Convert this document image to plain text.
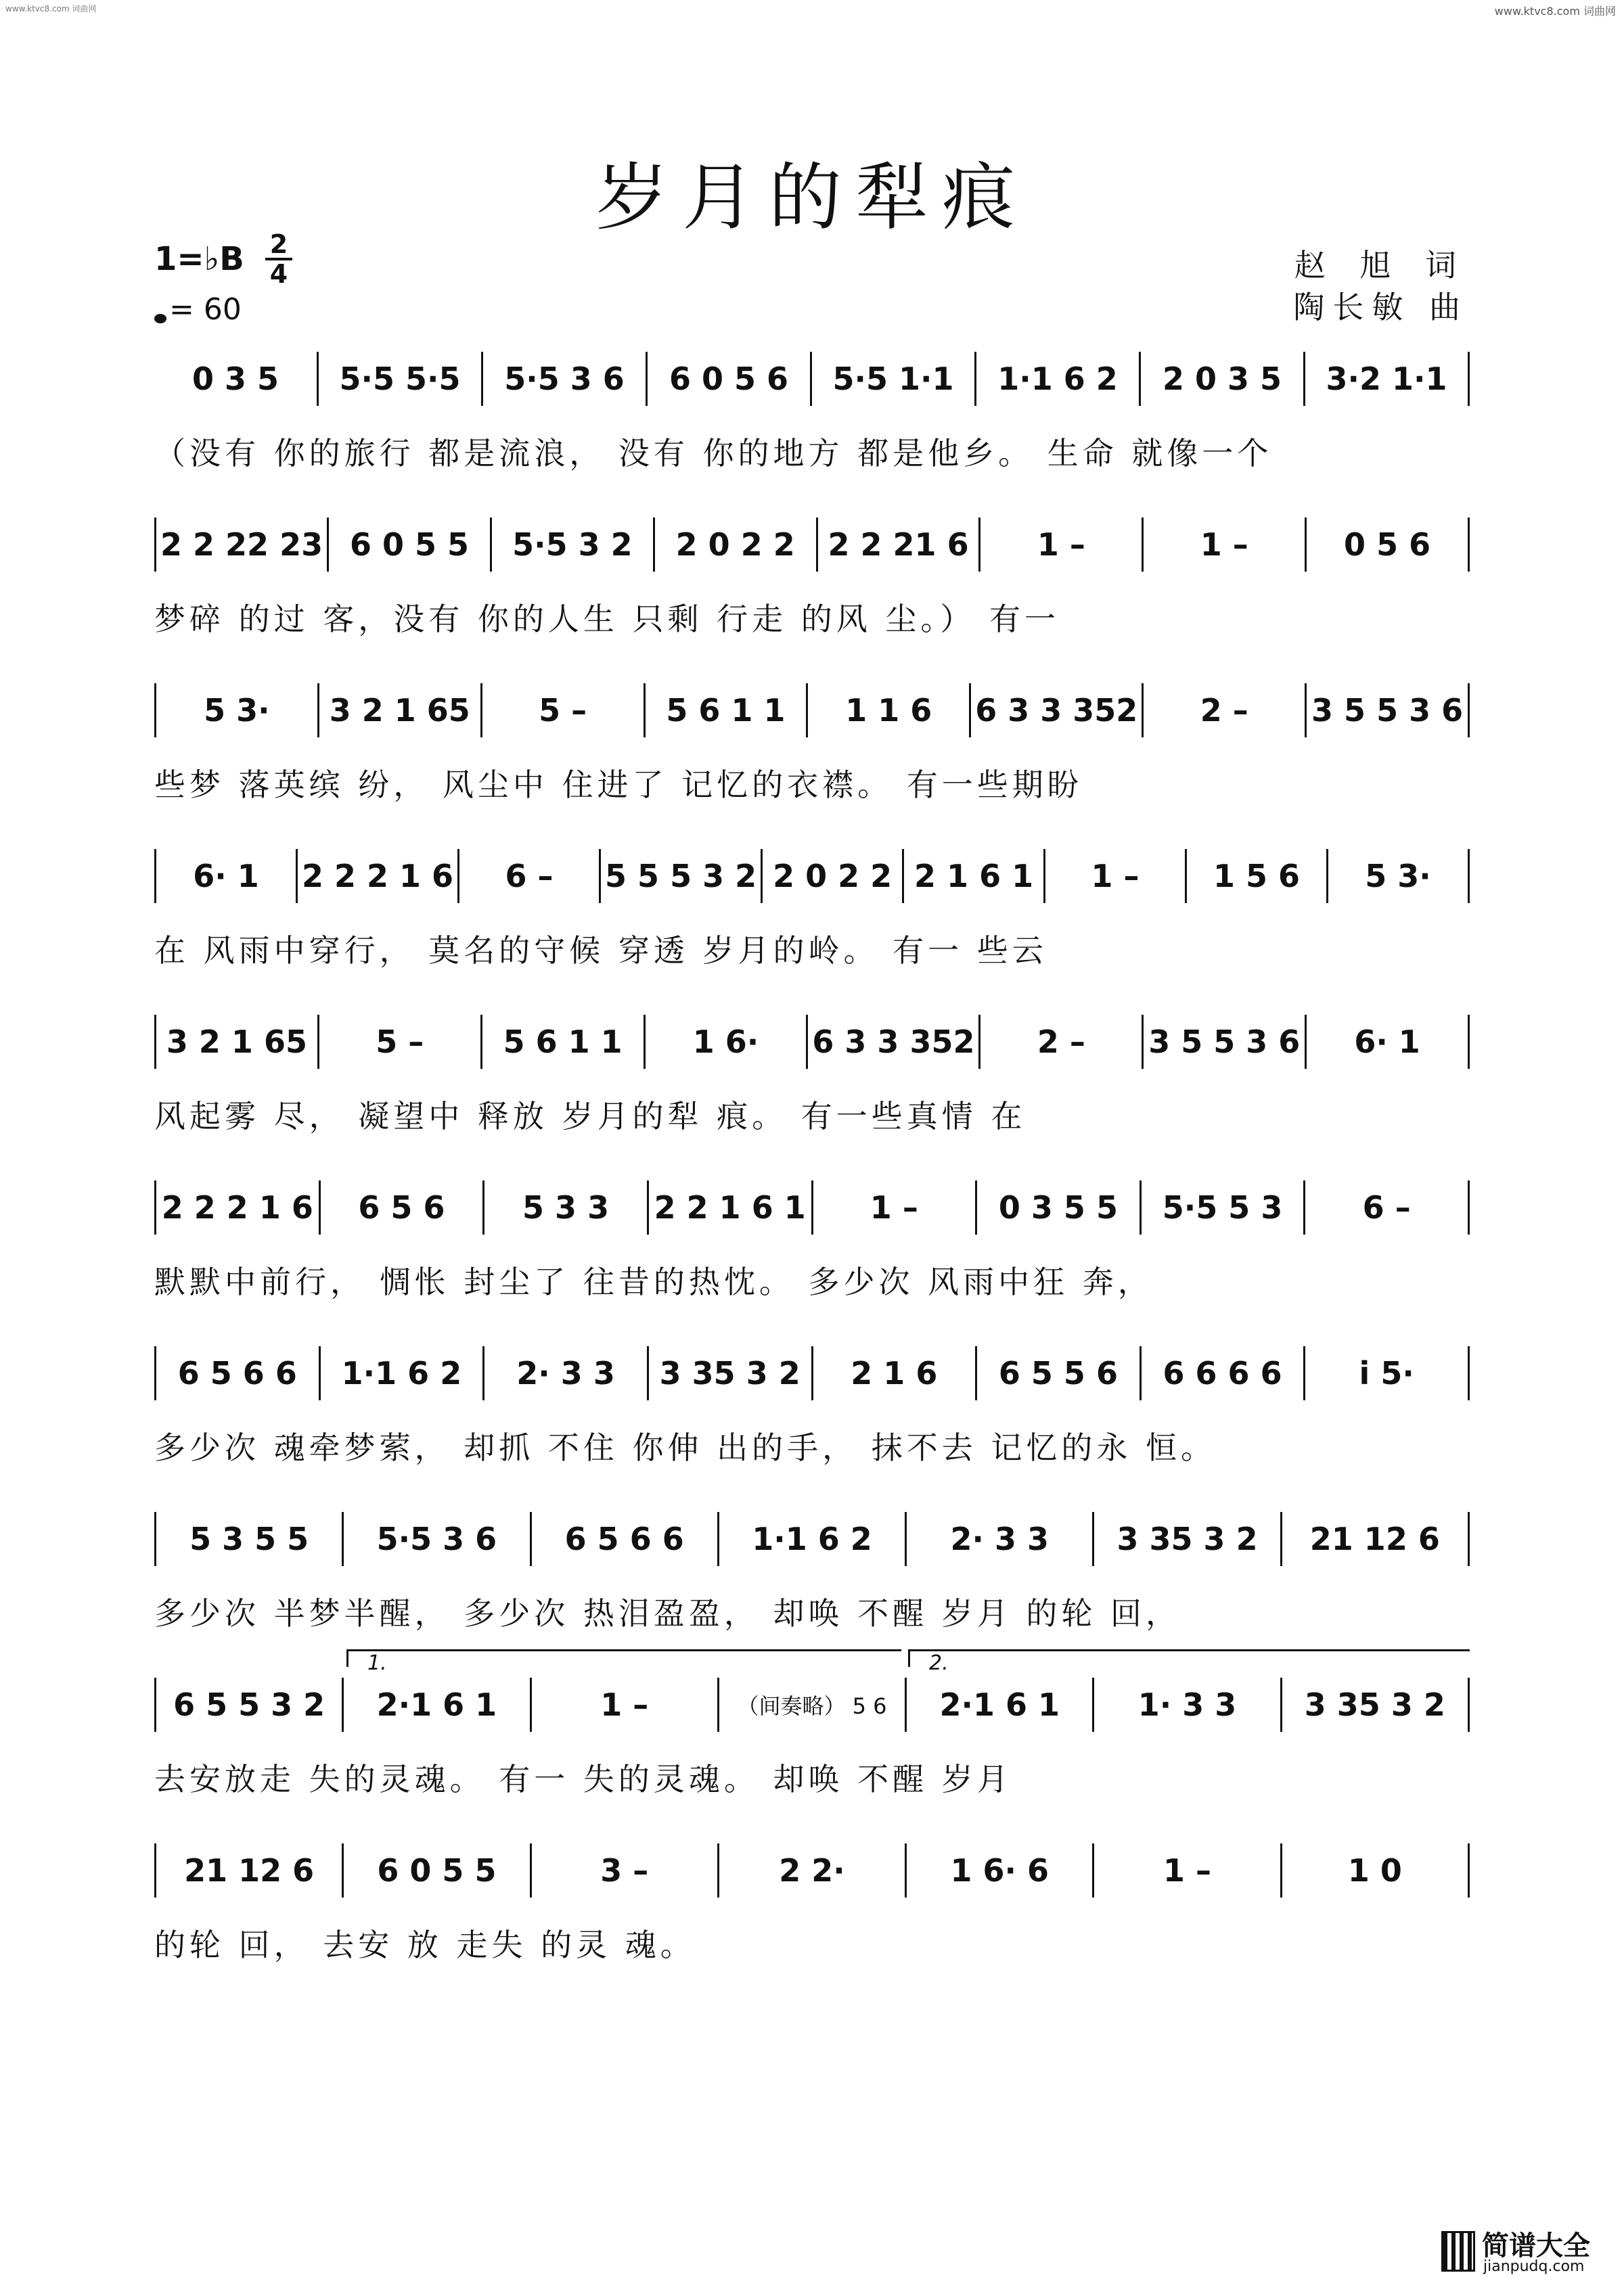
www.ktvc8.com 词曲网	www.ktvc8.com 词曲网
岁月的犁痕
1=♭B 2
4
= 60
赵 旭 词
陶长敏 曲
0 3 5	5·5 5·5	5·5 3 6	6 0 5 6	5·5 1·1	1·1 6 2	2 0 3 5	3·2 1·1
（没有 你的旅行 都是流浪， 没有 你的地方 都是他乡。 生命 就像一个
2 2 22 23 6 0 5 5	5·5 3 2	2 0 2 2	2 2 21 6	1 –	1 –	0 5 6
梦碎 的过 客，没有 你的人生 只剩 行走 的风 尘。） 有一
5 3·	3 2 1 65	5 –	5 6 1 1	1 1 6	6 3 3 352	2 –	3 5 5 3 6
些梦 落英缤 纷， 风尘中 住进了 记忆的衣襟。 有一些期盼
6· 1	2 2 2 1 6	6 –	5 5 5 3 2 2 0 2 2 2 1 6 1	1 –	1 5 6	5 3·
在 风雨中穿行， 莫名的守候 穿透 岁月的岭。 有一 些云
3 2 1 65	5 –	5 6 1 1	1 6·	6 3 3 352	2 –	3 5 5 3 6	6· 1
风起雾 尽， 凝望中 释放 岁月的犁 痕。 有一些真情 在
2 2 2 1 6	6 5 6	5 3 3	2 2 1 6 1	1 –	0 3 5 5	5·5 5 3	6 –
默默中前行， 惆怅 封尘了 往昔的热忱。 多少次 风雨中狂 奔，
6 5 6 6	1·1 6 2	2· 3 3	3 35 3 2	2 1 6	6 5 5 6	6 6 6 6	i 5·
多少次 魂牵梦萦， 却抓 不住 你伸 出的手， 抹不去 记忆的永 恒。
5 3 5 5	5·5 3 6	6 5 6 6	1·1 6 2	2· 3 3	3 35 3 2	21 12 6
多少次 半梦半醒， 多少次 热泪盈盈， 却唤 不醒 岁月 的轮 回，
6 5 5 3 2	2·1 6 1	1 –	（间奏略） 5 6	2·1 6 1	1· 3 3	3 35 3 2
去安放走 失的灵魂。 有一 失的灵魂。 却唤 不醒 岁月
1.	2.
21 12 6	6 0 5 5	3 –	2 2·	1 6· 6	1 –	1 0
的轮 回， 去安 放 走失 的灵 魂。
简谱大全
jianpudq.com
